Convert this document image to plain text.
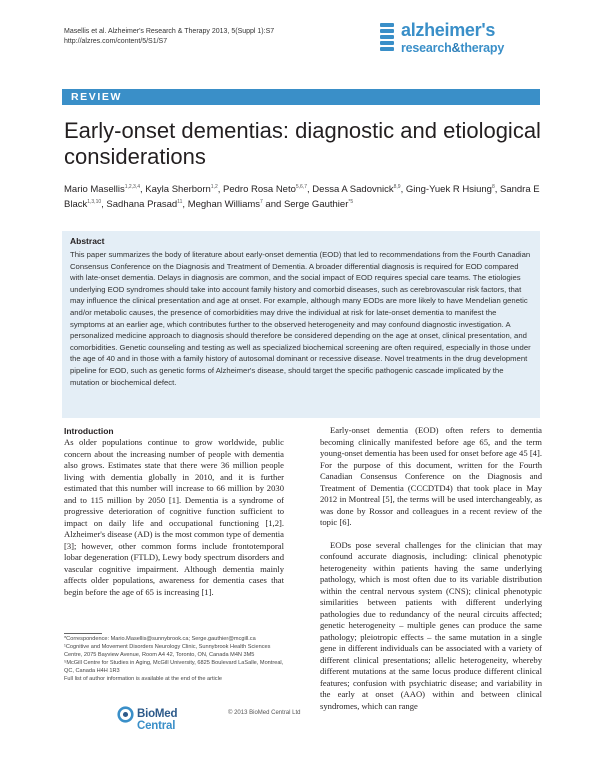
Masellis et al. Alzheimer's Research & Therapy 2013, 5(Suppl 1):S7
http://alzres.com/content/5/S1/S7
alzheimer's
research&therapy
REVIEW
Early-onset dementias: diagnostic and etiological considerations
Mario Masellis$^{1,2,3,4}$, Kayla Sherborn$^{1,2}$, Pedro Rosa Neto$^{5,6,7}$, Dessa A Sadovnick$^{8,9}$, Ging-Yuek R Hsiung$^8$, Sandra E Black$^{1,3,10}$, Sadhana Prasad$^{11}$, Meghan Williams$^7$ and Serge Gauthier$^{*5}$
Abstract

This paper summarizes the body of literature about early-onset dementia (EOD) that led to recommendations from the Fourth Canadian Consensus Conference on the Diagnosis and Treatment of Dementia. A broader differential diagnosis is required for EOD compared with late-onset dementia. Delays in diagnosis are common, and the social impact of EOD requires special care teams. The etiologies underlying EOD syndromes should take into account family history and comorbid diseases, such as cerebrovascular risk factors, that may influence the clinical presentation and age at onset. For example, although many EODs are more likely to have Mendelian genetic and/or metabolic causes, the presence of comorbidities may drive the individual at risk for late-onset dementia to manifest the symptoms at an earlier age, which contributes further to the observed heterogeneity and may confound diagnostic investigation. A personalized medicine approach to diagnosis should therefore be considered depending on the age at onset, clinical presentation, and comorbidities. Genetic counseling and testing as well as specialized biochemical screening are often required, especially in those under the age of 40 and in those with a family history of autosomal dominant or recessive disease. Novel treatments in the drug development pipeline for EOD, such as genetic forms of Alzheimer's disease, should target the specific pathogenic cascade implicated by the mutation or biochemical defect.

Introduction

As older populations continue to grow worldwide, public concern about the increasing number of people with dementia also grows. Estimates state that there were 36 million people living with dementia globally in 2010, and it is further estimated that this number will increase to 66 million by 2030 and to 115 million by 2050 [1]. Dementia is a syndrome of progressive deterioration of cognitive function sufficient to impact on daily life and occupational functioning [1,2]. Alzheimer's disease (AD) is the most common type of dementia [3]; however, other common forms include frontotemporal lobar degeneration (FTLD), Lewy body spectrum disorders and vascular cognitive impairment. Although dementia mainly affects older populations, awareness for dementia cases that begin before the age of 65 is increasing [1].

Early-onset dementia (EOD) often refers to dementia becoming clinically manifested before age 65, and the term young-onset dementia has been used for onset before age 45 [4]. For the purpose of this document, written for the Fourth Canadian Consensus Conference on the Diagnosis and Treatment of Dementia (CCCDTD4) that took place in May 2012 in Montreal [5], the terms will be used interchangeably, as was done by Rossor and colleagues in a recent review of the topic [6].

EODs pose several challenges for the clinician that may confound accurate diagnosis, including: clinical phenotypic heterogeneity within patients having the same underlying pathology, which is most often due to its variable distribution within the central nervous system (CNS); clinical phenotypic similarities between patients with different underlying pathologies due to redundancy of the neural circuits affected; genetic heterogeneity – multiple genes can produce the same pathology; pleiotropic effects – the same mutation in a single gene in different individuals can be associated with a variety of different clinical presentations; allelic heterogeneity, whereby different mutations at the same locus produce different clinical features; confusion with psychiatric disease; and variability in the early at onset (AAO) within and between clinical syndromes, which can range

*Correspondence: Mario.Masellis@sunnybrook.ca; Serge.gauthier@mcgill.ca

¹Cognitive and Movement Disorders Neurology Clinic, Sunnybrook Health Sciences Centre, 2075 Bayview Avenue, Room A4 42, Toronto, ON, Canada M4N 3M5

⁵McGill Centre for Studies in Aging, McGill University, 6825 Boulevard LaSalle, Montreal, QC, Canada H4H 1R3

Full list of author information is available at the end of the article

BioMed Central
© 2013 BioMed Central Ltd
